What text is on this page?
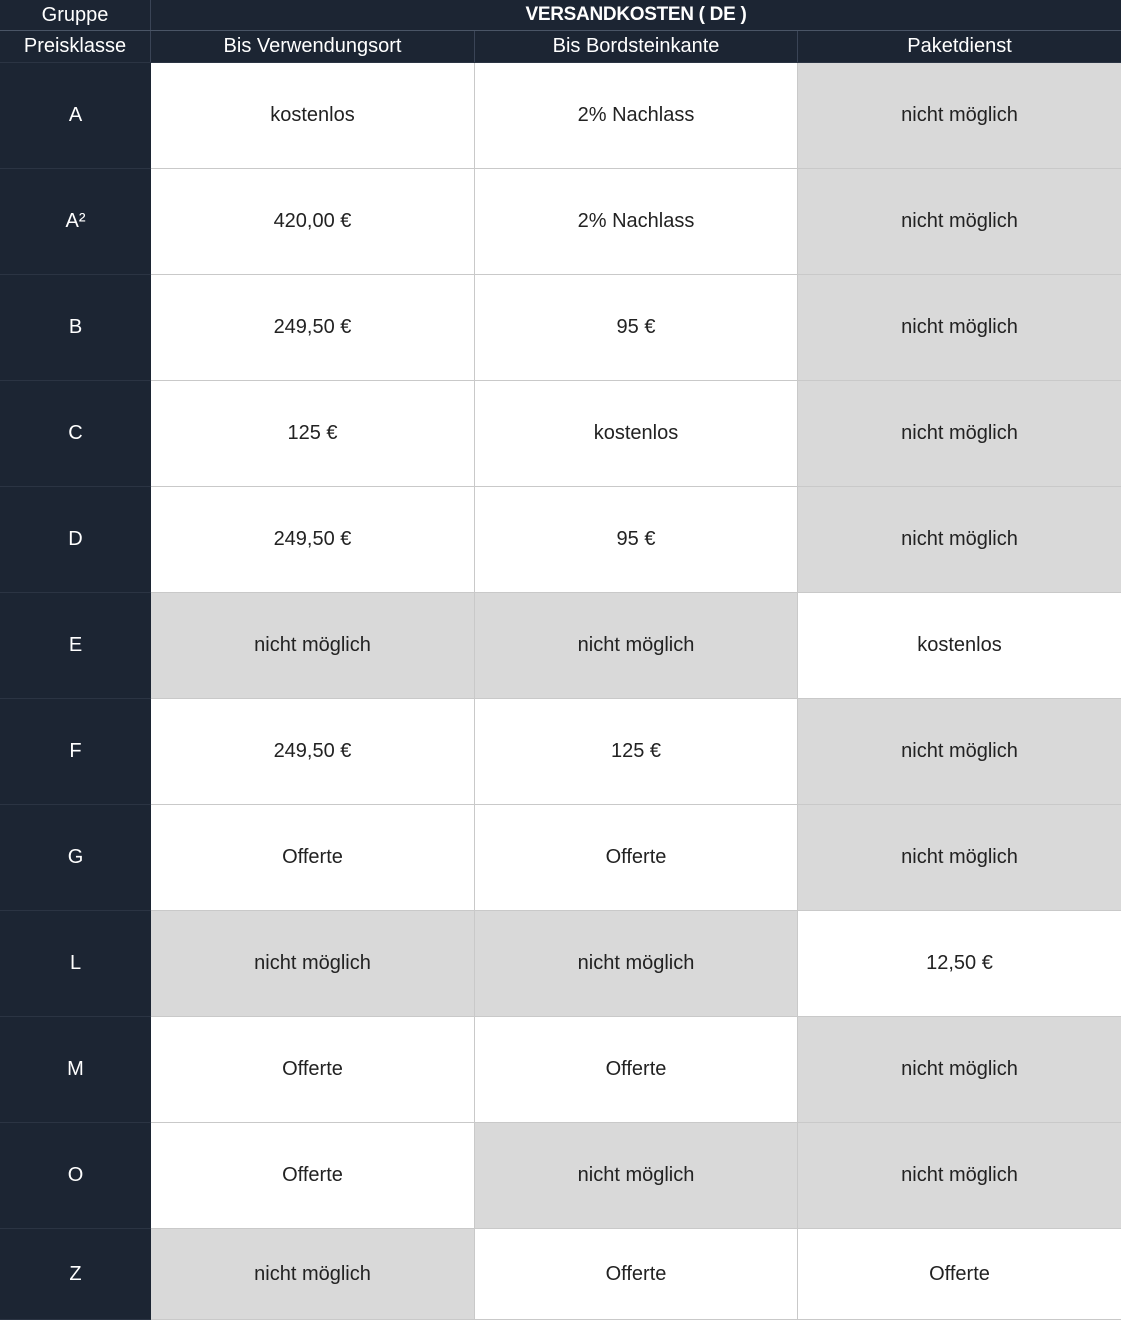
Gruppe	VERSANDKOSTEN ( DE )
Preisklasse	Bis Verwendungsort	Bis Bordsteinkante	Paketdienst
A	kostenlos	2% Nachlass	nicht möglich
A²	420,00 €	2% Nachlass	nicht möglich
B	249,50 €	95 €	nicht möglich
C	125 €	kostenlos	nicht möglich
D	249,50 €	95 €	nicht möglich
E	nicht möglich	nicht möglich	kostenlos
F	249,50 €	125 €	nicht möglich
G	Offerte	Offerte	nicht möglich
L	nicht möglich	nicht möglich	12,50 €
M	Offerte	Offerte	nicht möglich
O	Offerte	nicht möglich	nicht möglich
Z	nicht möglich	Offerte	Offerte
